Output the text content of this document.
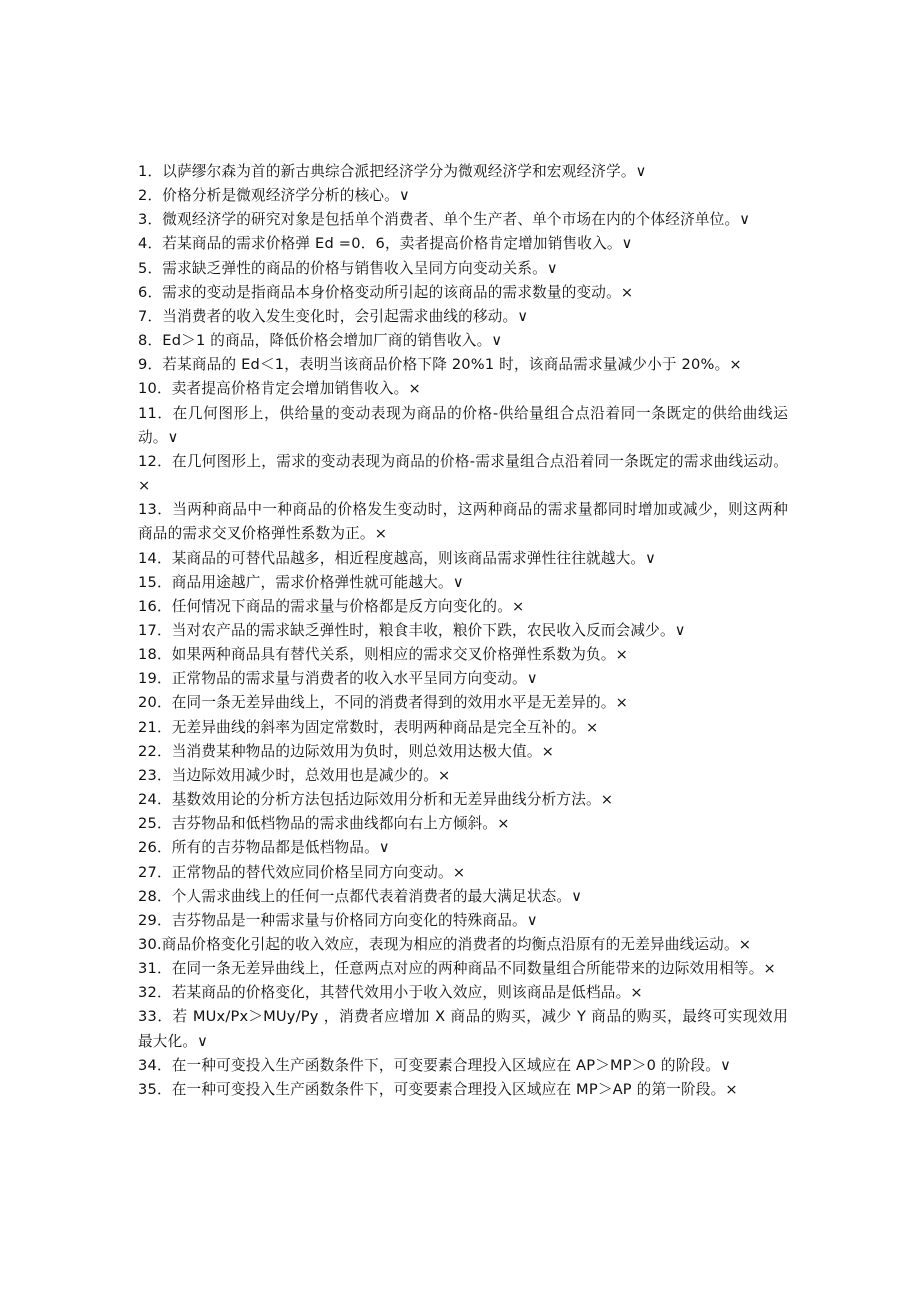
1．以萨缪尔森为首的新古典综合派把经济学分为微观经济学和宏观经济学。∨

2．价格分析是微观经济学分析的核心。∨

3．微观经济学的研究对象是包括单个消费者、单个生产者、单个市场在内的个体经济单位。∨

4．若某商品的需求价格弹 Ed =0．6，卖者提高价格肯定增加销售收入。∨

5．需求缺乏弹性的商品的价格与销售收入呈同方向变动关系。∨

6．需求的变动是指商品本身价格变动所引起的该商品的需求数量的变动。×

7．当消费者的收入发生变化时，会引起需求曲线的移动。∨

8．Ed＞1 的商品，降低价格会增加厂商的销售收入。∨

9．若某商品的 Ed＜1，表明当该商品价格下降 20%1 时，该商品需求量减少小于 20%。×

10．卖者提高价格肯定会增加销售收入。×

11．在几何图形上，供给量的变动表现为商品的价格-供给量组合点沿着同一条既定的供给曲线运动。∨

12．在几何图形上，需求的变动表现为商品的价格-需求量组合点沿着同一条既定的需求曲线运动。×

13．当两种商品中一种商品的价格发生变动时，这两种商品的需求量都同时增加或减少，则这两种商品的需求交叉价格弹性系数为正。×

14．某商品的可替代品越多，相近程度越高，则该商品需求弹性往往就越大。∨

15．商品用途越广，需求价格弹性就可能越大。∨

16．任何情况下商品的需求量与价格都是反方向变化的。×

17．当对农产品的需求缺乏弹性时，粮食丰收，粮价下跌，农民收入反而会减少。∨

18．如果两种商品具有替代关系，则相应的需求交叉价格弹性系数为负。×

19．正常物品的需求量与消费者的收入水平呈同方向变动。∨

20．在同一条无差异曲线上，不同的消费者得到的效用水平是无差异的。×

21．无差异曲线的斜率为固定常数时，表明两种商品是完全互补的。×

22．当消费某种物品的边际效用为负时，则总效用达极大值。×

23．当边际效用减少时，总效用也是减少的。×

24．基数效用论的分析方法包括边际效用分析和无差异曲线分析方法。×

25．吉芬物品和低档物品的需求曲线都向右上方倾斜。×

26．所有的吉芬物品都是低档物品。∨

27．正常物品的替代效应同价格呈同方向变动。×

28．个人需求曲线上的任何一点都代表着消费者的最大满足状态。∨

29．吉芬物品是一种需求量与价格同方向变化的特殊商品。∨

30.商品价格变化引起的收入效应，表现为相应的消费者的均衡点沿原有的无差异曲线运动。×

31．在同一条无差异曲线上，任意两点对应的两种商品不同数量组合所能带来的边际效用相等。×

32．若某商品的价格变化，其替代效用小于收入效应，则该商品是低档品。×

33．若 MUx/Px＞MUy/Py ，消费者应增加 X 商品的购买，减少 Y 商品的购买，最终可实现效用最大化。∨

34．在一种可变投入生产函数条件下，可变要素合理投入区域应在 AP＞MP＞0 的阶段。∨

35．在一种可变投入生产函数条件下，可变要素合理投入区域应在 MP＞AP 的第一阶段。×
